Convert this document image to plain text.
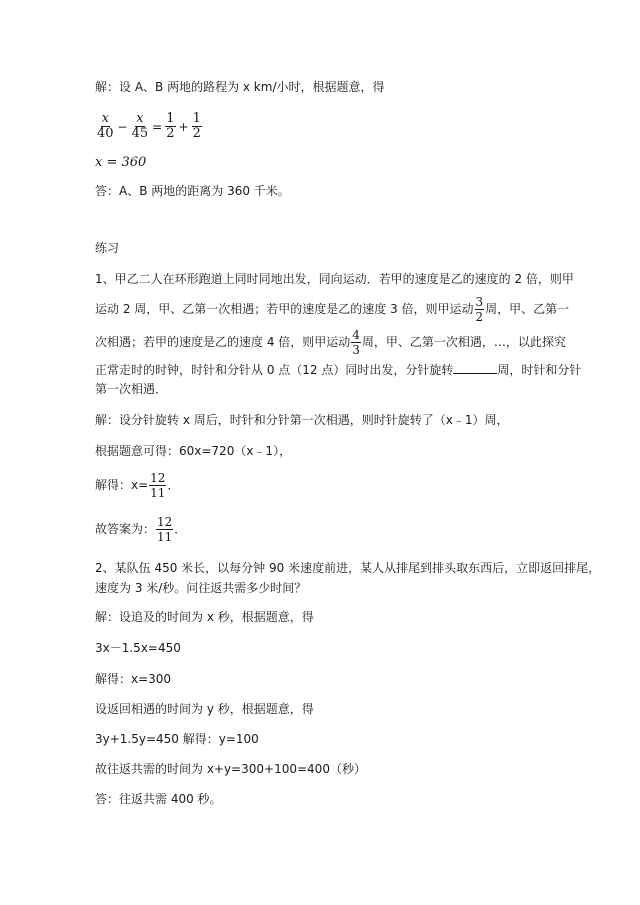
解：设 A、B 两地的路程为 x km/小时，根据题意，得
$\frac{x}{40} - \frac{x}{45} = \frac{1}{2} + \frac{1}{2}$
x = 360
答：A、B 两地的距离为 360 千米。
练习
1、甲乙二人在环形跑道上同时同地出发，同向运动．若甲的速度是乙的速度的 2 倍，则甲
运动 2 周，甲、乙第一次相遇；若甲的速度是乙的速度 3 倍，则甲运动 $\frac{3}{2}$ 周，甲、乙第一
次相遇；若甲的速度是乙的速度 4 倍，则甲运动 $\frac{4}{3}$ 周，甲、乙第一次相遇，…，以此探究
正常走时的时钟，时针和分针从 0 点（12 点）同时出发，分针旋转	周，时针和分针
第一次相遇．
解：设分针旋转 x 周后，时针和分针第一次相遇，则时针旋转了（x﹣1）周，
根据题意可得：60x=720（x﹣1），
解得：$x= \frac{12}{11}$ ．
故答案为： $\frac{12}{11}$ ．
2、某队伍 450 米长，以每分钟 90 米速度前进，某人从排尾到排头取东西后，立即返回排尾，
速度为 3 米/秒。问往返共需多少时间？
解：设追及的时间为 x 秒，根据题意，得
3x－1.5x=450
解得：x=300
设返回相遇的时间为 y 秒，根据题意，得
3y+1.5y=450 解得：y=100
故往返共需的时间为 x+y=300+100=400（秒）
答：往返共需 400 秒。
